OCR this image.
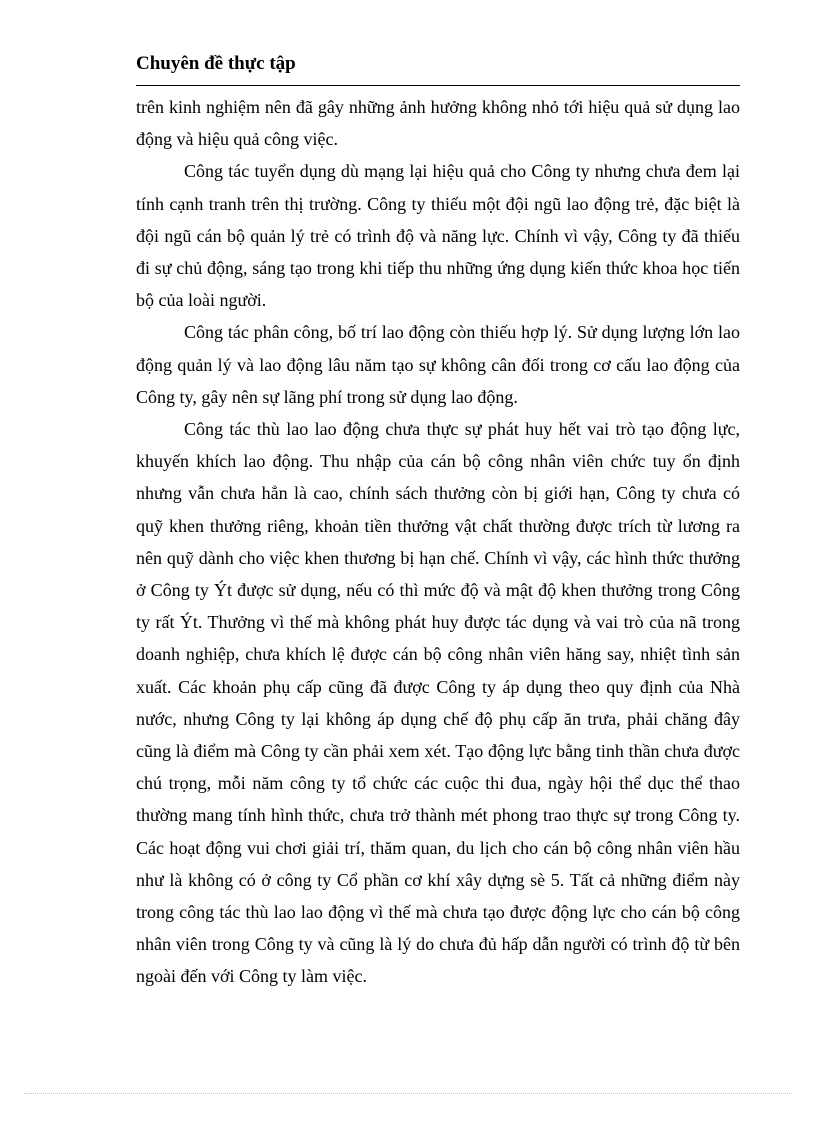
Chuyên đề thực tập

trên kinh nghiệm nên đã gây những ảnh hưởng không nhỏ tới hiệu quả sử dụng lao động và hiệu quả công việc.

Công tác tuyển dụng dù mạng lại hiệu quả cho Công ty nhưng chưa đem lại tính cạnh tranh trên thị trường. Công ty thiếu một đội ngũ lao động trẻ, đặc biệt là đội ngũ cán bộ quản lý trẻ có trình độ và năng lực. Chính vì vậy, Công ty đã thiếu đi sự chủ động, sáng tạo trong khi tiếp thu những ứng dụng kiến thức khoa học tiến bộ của loài người.

Công tác phân công, bố trí lao động còn thiếu hợp lý. Sử dụng lượng lớn lao động quản lý và lao động lâu năm tạo sự không cân đối trong cơ cấu lao động của Công ty, gây nên sự lãng phí trong sử dụng lao động.

Công tác thù lao lao động chưa thực sự phát huy hết vai trò tạo động lực, khuyến khích lao động. Thu nhập của cán bộ công nhân viên chức tuy ổn định nhưng vẫn chưa hẳn là cao, chính sách thưởng còn bị giới hạn, Công ty chưa có quỹ khen thưởng riêng, khoản tiền thưởng vật chất thường được trích từ lương ra nên quỹ dành cho việc khen thương bị hạn chế. Chính vì vậy, các hình thức thưởng ở Công ty Ýt được sử dụng, nếu có thì mức độ và mật độ khen thưởng trong Công ty rất Ýt. Thưởng vì thế mà không phát huy được tác dụng và vai trò của nã trong doanh nghiệp, chưa khích lệ được cán bộ công nhân viên hăng say, nhiệt tình sản xuất. Các khoản phụ cấp cũng đã được Công ty áp dụng theo quy định của Nhà nước, nhưng Công ty lại không áp dụng chế độ phụ cấp ăn trưa, phải chăng đây cũng là điểm mà Công ty cần phải xem xét. Tạo động lực bằng tinh thần chưa được chú trọng, mỗi năm công ty tổ chức các cuộc thi đua, ngày hội thể dục thể thao thường mang tính hình thức, chưa trở thành mét phong trao thực sự trong Công ty. Các hoạt động vui chơi giải trí, thăm quan, du lịch cho cán bộ công nhân viên hầu như là không có ở công ty Cổ phần cơ khí xây dựng sè 5. Tất cả những điểm này trong công tác thù lao lao động vì thế mà chưa tạo được động lực cho cán bộ công nhân viên trong Công ty và cũng là lý do chưa đủ hấp dẫn người có trình độ từ bên ngoài đến với Công ty làm việc.
